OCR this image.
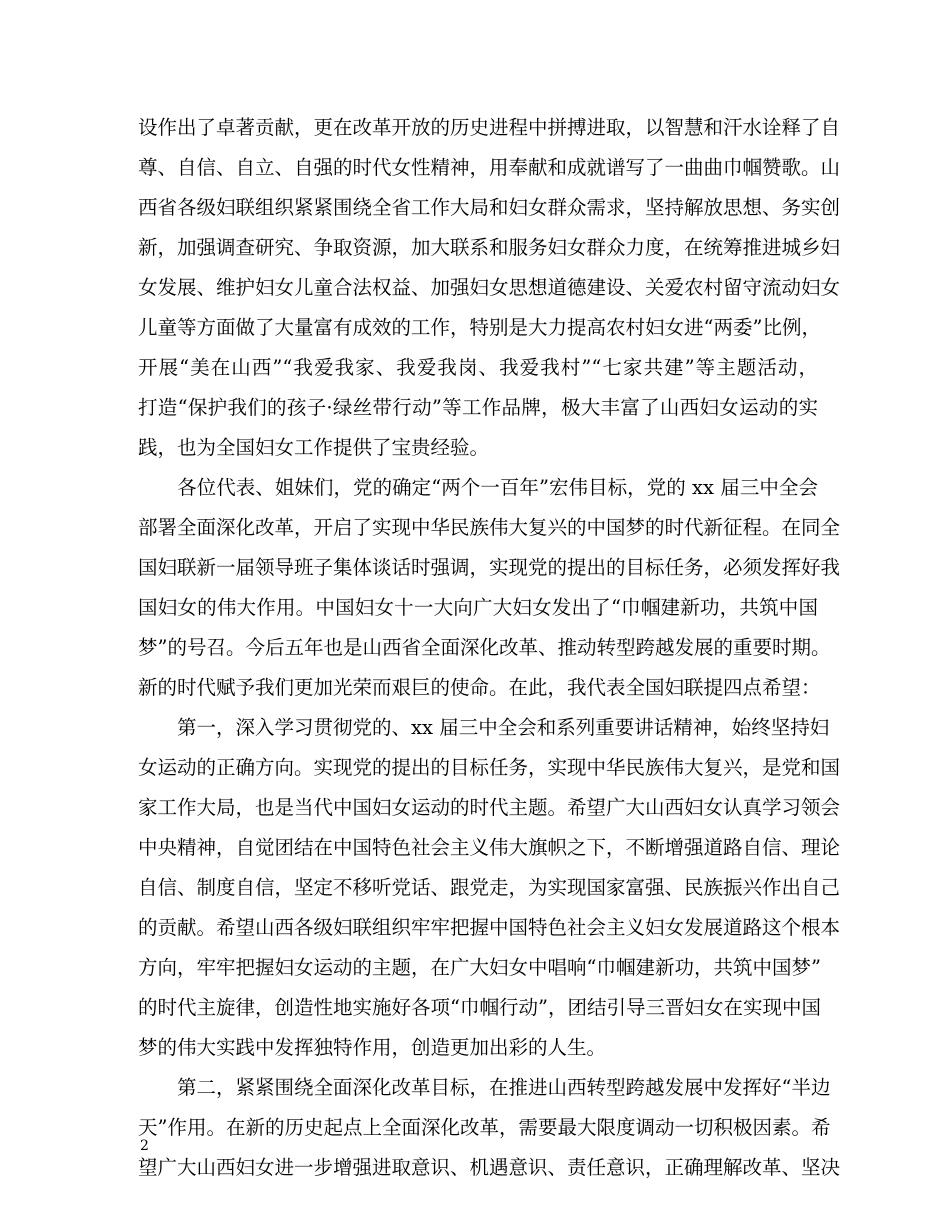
设作出了卓著贡献，更在改革开放的历史进程中拼搏进取，以智慧和汗水诠释了自
尊、自信、自立、自强的时代女性精神，用奉献和成就谱写了一曲曲巾帼赞歌。山
西省各级妇联组织紧紧围绕全省工作大局和妇女群众需求，坚持解放思想、务实创
新，加强调查研究、争取资源，加大联系和服务妇女群众力度，在统筹推进城乡妇
女发展、维护妇女儿童合法权益、加强妇女思想道德建设、关爱农村留守流动妇女
儿童等方面做了大量富有成效的工作，特别是大力提高农村妇女进“两委”比例，
开展“美在山西”“我爱我家、我爱我岗、我爱我村”“七家共建”等主题活动，
打造“保护我们的孩子·绿丝带行动”等工作品牌，极大丰富了山西妇女运动的实
践，也为全国妇女工作提供了宝贵经验。
　　各位代表、姐妹们，党的确定“两个一百年”宏伟目标，党的 xx 届三中全会
部署全面深化改革，开启了实现中华民族伟大复兴的中国梦的时代新征程。在同全
国妇联新一届领导班子集体谈话时强调，实现党的提出的目标任务，必须发挥好我
国妇女的伟大作用。中国妇女十一大向广大妇女发出了“巾帼建新功，共筑中国
梦”的号召。今后五年也是山西省全面深化改革、推动转型跨越发展的重要时期。
新的时代赋予我们更加光荣而艰巨的使命。在此，我代表全国妇联提四点希望：
　　第一，深入学习贯彻党的、xx 届三中全会和系列重要讲话精神，始终坚持妇
女运动的正确方向。实现党的提出的目标任务，实现中华民族伟大复兴，是党和国
家工作大局，也是当代中国妇女运动的时代主题。希望广大山西妇女认真学习领会
中央精神，自觉团结在中国特色社会主义伟大旗帜之下，不断增强道路自信、理论
自信、制度自信，坚定不移听党话、跟党走，为实现国家富强、民族振兴作出自己
的贡献。希望山西各级妇联组织牢牢把握中国特色社会主义妇女发展道路这个根本
方向，牢牢把握妇女运动的主题，在广大妇女中唱响“巾帼建新功，共筑中国梦”
的时代主旋律，创造性地实施好各项“巾帼行动”，团结引导三晋妇女在实现中国
梦的伟大实践中发挥独特作用，创造更加出彩的人生。
　　第二，紧紧围绕全面深化改革目标，在推进山西转型跨越发展中发挥好“半边
天”作用。在新的历史起点上全面深化改革，需要最大限度调动一切积极因素。希
望广大山西妇女进一步增强进取意识、机遇意识、责任意识，正确理解改革、坚决
2
